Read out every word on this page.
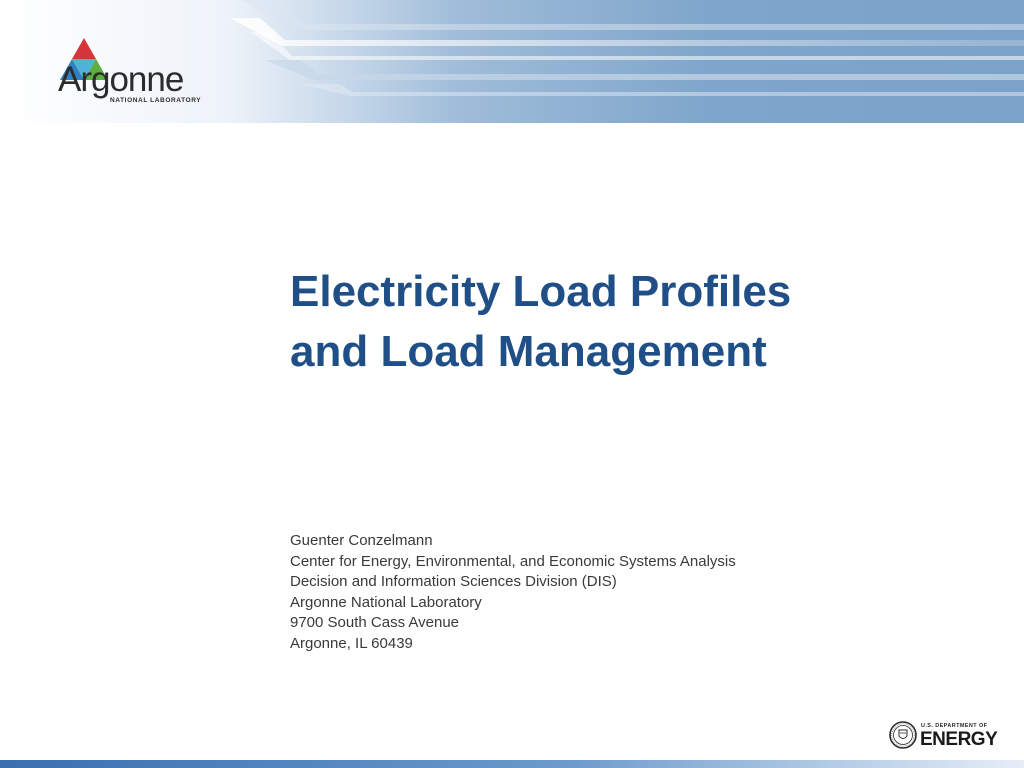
Argonne
NATIONAL LABORATORY
Electricity Load Profiles
and Load Management
Guenter Conzelmann
Center for Energy, Environmental, and Economic Systems Analysis
Decision and Information Sciences Division (DIS)
Argonne National Laboratory
9700 South Cass Avenue
Argonne, IL 60439
U.S. DEPARTMENT OF
ENERGY
